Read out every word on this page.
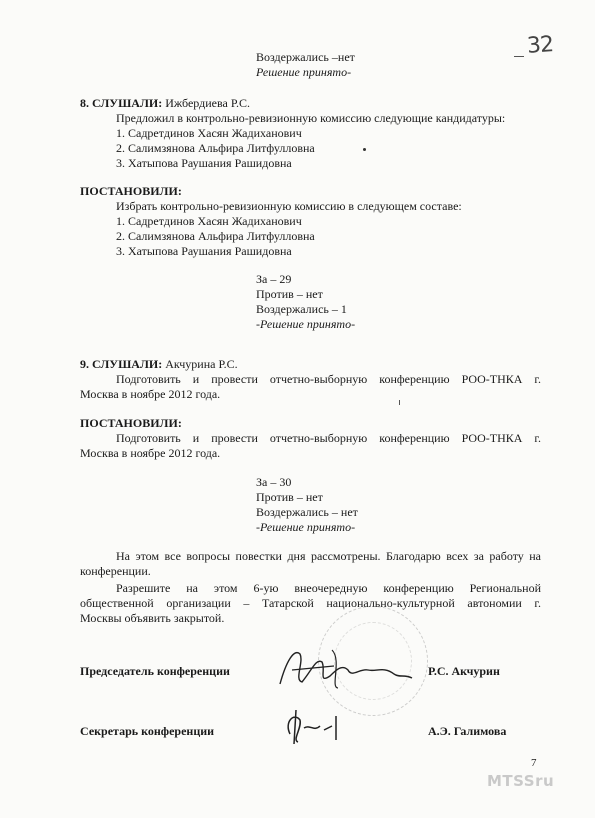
32
Воздержались –нет
Решение принято-
8. СЛУШАЛИ: Ижбердиева Р.С.
Предложил в контрольно-ревизионную комиссию следующие кандидатуры:
1. Садретдинов Хасян Жадиханович
2. Салимзянова Альфира Литфулловна
3. Хатыпова Раушания Рашидовна
ПОСТАНОВИЛИ:
Избрать контрольно-ревизионную комиссию в следующем составе:
1. Садретдинов Хасян Жадиханович
2. Салимзянова Альфира Литфуллoвна
3. Хатыпова Раушания Рашидовна
За – 29
Против – нет
Воздержались – 1
-Решение принято-
9. СЛУШАЛИ: Акчурина Р.С.
Подготовить и провести отчетно-выборную конференцию РОО-ТНКА г.
Москва в ноябре 2012 года.
ПОСТАНОВИЛИ:
Подготовить и провести отчетно-выборную конференцию РОО-ТНКА г.
Москва в ноябре 2012 года.
За – 30
Против – нет
Воздержались – нет
-Решение принято-
На этом все вопросы повестки дня рассмотрены. Благодарю всех за работу на
конференции.
Разрешите на этом 6-ую внеочередную конференцию Региональной
общественной организации – Татарской национально-культурной автономии г.
Москвы объявить закрытой.
Председатель конференции	Р.С. Акчурин
Секретарь конференции	А.Э. Галимова
7
MTSSru
